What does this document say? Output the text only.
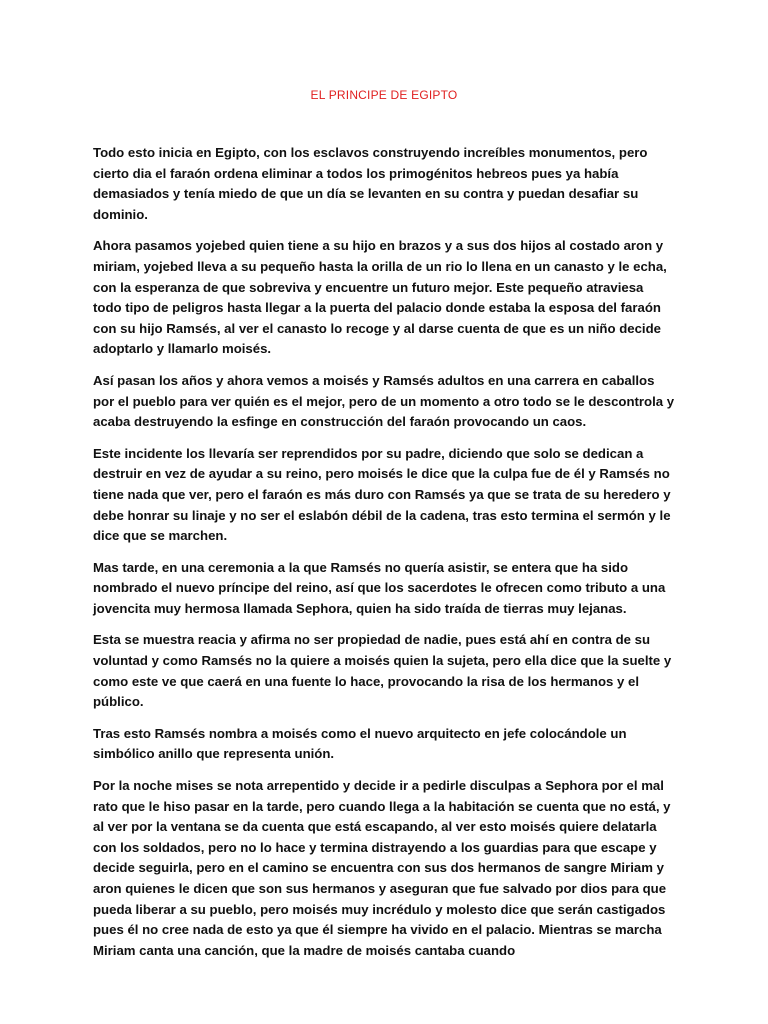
EL PRINCIPE DE EGIPTO

Todo esto inicia en Egipto, con los esclavos construyendo increíbles monumentos, pero cierto dia el faraón ordena eliminar a todos los primogénitos hebreos pues ya había demasiados y tenía miedo de que un día se levanten en su contra y puedan desafiar su dominio.

Ahora pasamos yojebed quien tiene a su hijo en brazos y a sus dos hijos al costado aron y miriam, yojebed lleva a su pequeño hasta la orilla de un rio lo llena en un canasto y le echa, con la esperanza de que sobreviva y encuentre un futuro mejor. Este pequeño atraviesa todo tipo de peligros hasta llegar a la puerta del palacio donde estaba la esposa del faraón con su hijo Ramsés, al ver el canasto lo recoge y al darse cuenta de que es un niño decide adoptarlo y llamarlo moisés.

Así pasan los años y ahora vemos a moisés y Ramsés adultos en una carrera en caballos por el pueblo para ver quién es el mejor, pero de un momento a otro todo se le descontrola y acaba destruyendo la esfinge en construcción del faraón provocando un caos.

Este incidente los llevaría ser reprendidos por su padre, diciendo que solo se dedican a destruir en vez de ayudar a su reino, pero moisés le dice que la culpa fue de él y Ramsés no tiene nada que ver, pero el faraón es más duro con Ramsés ya que se trata de su heredero y debe honrar su linaje y no ser el eslabón débil de la cadena, tras esto termina el sermón y le dice que se marchen.

Mas tarde, en una ceremonia a la que Ramsés no quería asistir, se entera que ha sido nombrado el nuevo príncipe del reino, así que los sacerdotes le ofrecen como tributo a una jovencita muy hermosa llamada Sephora, quien ha sido traída de tierras muy lejanas.

Esta se muestra reacia y afirma no ser propiedad de nadie, pues está ahí en contra de su voluntad y como Ramsés no la quiere a moisés quien la sujeta, pero ella dice que la suelte y como este ve que caerá en una fuente lo hace, provocando la risa de los hermanos y el público.

Tras esto Ramsés nombra a moisés como el nuevo arquitecto en jefe colocándole un simbólico anillo que representa unión.

Por la noche mises se nota arrepentido y decide ir a pedirle disculpas a Sephora por el mal rato que le hiso pasar en la tarde, pero cuando llega a la habitación se cuenta que no está, y al ver por la ventana se da cuenta que está escapando, al ver esto moisés quiere delatarla con los soldados, pero no lo hace y termina distrayendo a los guardias para que escape y decide seguirla, pero en el camino se encuentra con sus dos hermanos de sangre Miriam y aron quienes le dicen que son sus hermanos y aseguran que fue salvado por dios para que pueda liberar a su pueblo, pero moisés muy incrédulo y molesto dice que serán castigados pues él no cree nada de esto ya que él siempre ha vivido en el palacio. Mientras se marcha Miriam canta una canción, que la madre de moisés cantaba cuando
